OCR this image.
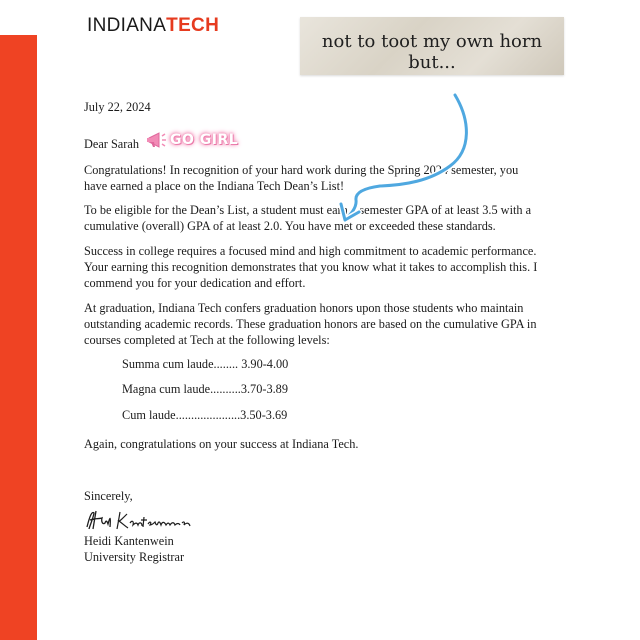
INDIANATECH
not to toot my own horn but...

July 22, 2024

Dear Sarah

Congratulations! In recognition of your hard work during the Spring 2024 semester, you

have earned a place on the Indiana Tech Dean’s List!

To be eligible for the Dean’s List, a student must earn a semester GPA of at least 3.5 with a

cumulative (overall) GPA of at least 2.0. You have met or exceeded these standards.

Success in college requires a focused mind and high commitment to academic performance.

Your earning this recognition demonstrates that you know what it takes to accomplish this. I

commend you for your dedication and effort.

At graduation, Indiana Tech confers graduation honors upon those students who maintain

outstanding academic records. These graduation honors are based on the cumulative GPA in

courses completed at Tech at the following levels:

Again, congratulations on your success at Indiana Tech.

Sincerely,

Heidi Kantenwein

University Registrar

Summa cum laude........ 3.90-4.00
Magna cum laude..........3.70-3.89
Cum laude.....................3.50-3.69
GO GIRL
